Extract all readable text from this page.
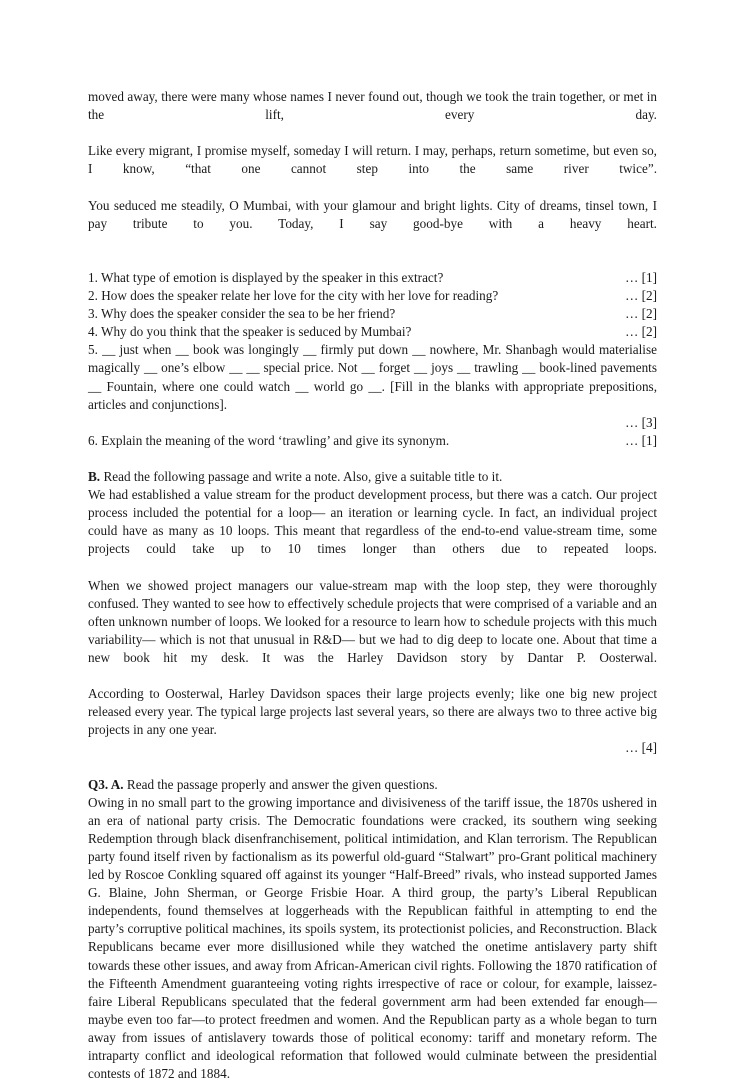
moved away, there were many whose names I never found out, though we took the train together, or met in the lift, every day.

Like every migrant, I promise myself, someday I will return. I may, perhaps, return sometime, but even so, I know, “that one cannot step into the same river twice”.

You seduced me steadily, O Mumbai, with your glamour and bright lights. City of dreams, tinsel town, I pay tribute to you. Today, I say good-bye with a heavy heart.

1. What type of emotion is displayed by the speaker in this extract?	… [1]
2. How does the speaker relate her love for the city with her love for reading?	… [2]
3. Why does the speaker consider the sea to be her friend?	… [2]
4. Why do you think that the speaker is seduced by Mumbai?	… [2]

5. __ just when __ book was longingly __ firmly put down __ nowhere, Mr. Shanbagh would materialise magically __ one’s elbow __ __ special price. Not __ forget __ joys __ trawling __ book-lined pavements __ Fountain, where one could watch __ world go __. [Fill in the blanks with appropriate prepositions, articles and conjunctions].

… [3]
6. Explain the meaning of the word ‘trawling’ and give its synonym.	… [1]

B. Read the following passage and write a note. Also, give a suitable title to it.

We had established a value stream for the product development process, but there was a catch. Our project process included the potential for a loop— an iteration or learning cycle. In fact, an individual project could have as many as 10 loops. This meant that regardless of the end-to-end value-stream time, some projects could take up to 10 times longer than others due to repeated loops.

When we showed project managers our value-stream map with the loop step, they were thoroughly confused. They wanted to see how to effectively schedule projects that were comprised of a variable and an often unknown number of loops. We looked for a resource to learn how to schedule projects with this much variability— which is not that unusual in R&D— but we had to dig deep to locate one. About that time a new book hit my desk. It was the Harley Davidson story by Dantar P. Oosterwal.

According to Oosterwal, Harley Davidson spaces their large projects evenly; like one big new project released every year. The typical large projects last several years, so there are always two to three active big projects in any one year.

… [4]

Q3. A. Read the passage properly and answer the given questions.

Owing in no small part to the growing importance and divisiveness of the tariff issue, the 1870s ushered in an era of national party crisis. The Democratic foundations were cracked, its southern wing seeking Redemption through black disenfranchisement, political intimidation, and Klan terrorism. The Republican party found itself riven by factionalism as its powerful old-guard “Stalwart” pro-Grant political machinery led by Roscoe Conkling squared off against its younger “Half-Breed” rivals, who instead supported James G. Blaine, John Sherman, or George Frisbie Hoar. A third group, the party’s Liberal Republican independents, found themselves at loggerheads with the Republican faithful in attempting to end the party’s corruptive political machines, its spoils system, its protectionist policies, and Reconstruction. Black Republicans became ever more disillusioned while they watched the onetime antislavery party shift towards these other issues, and away from African-American civil rights. Following the 1870 ratification of the Fifteenth Amendment guaranteeing voting rights irrespective of race or colour, for example, laissez-faire Liberal Republicans speculated that the federal government arm had been extended far enough—maybe even too far—to protect freedmen and women. And the Republican party as a whole began to turn away from issues of antislavery towards those of political economy: tariff and monetary reform. The intraparty conflict and ideological reformation that followed would culminate between the presidential contests of 1872 and 1884.
